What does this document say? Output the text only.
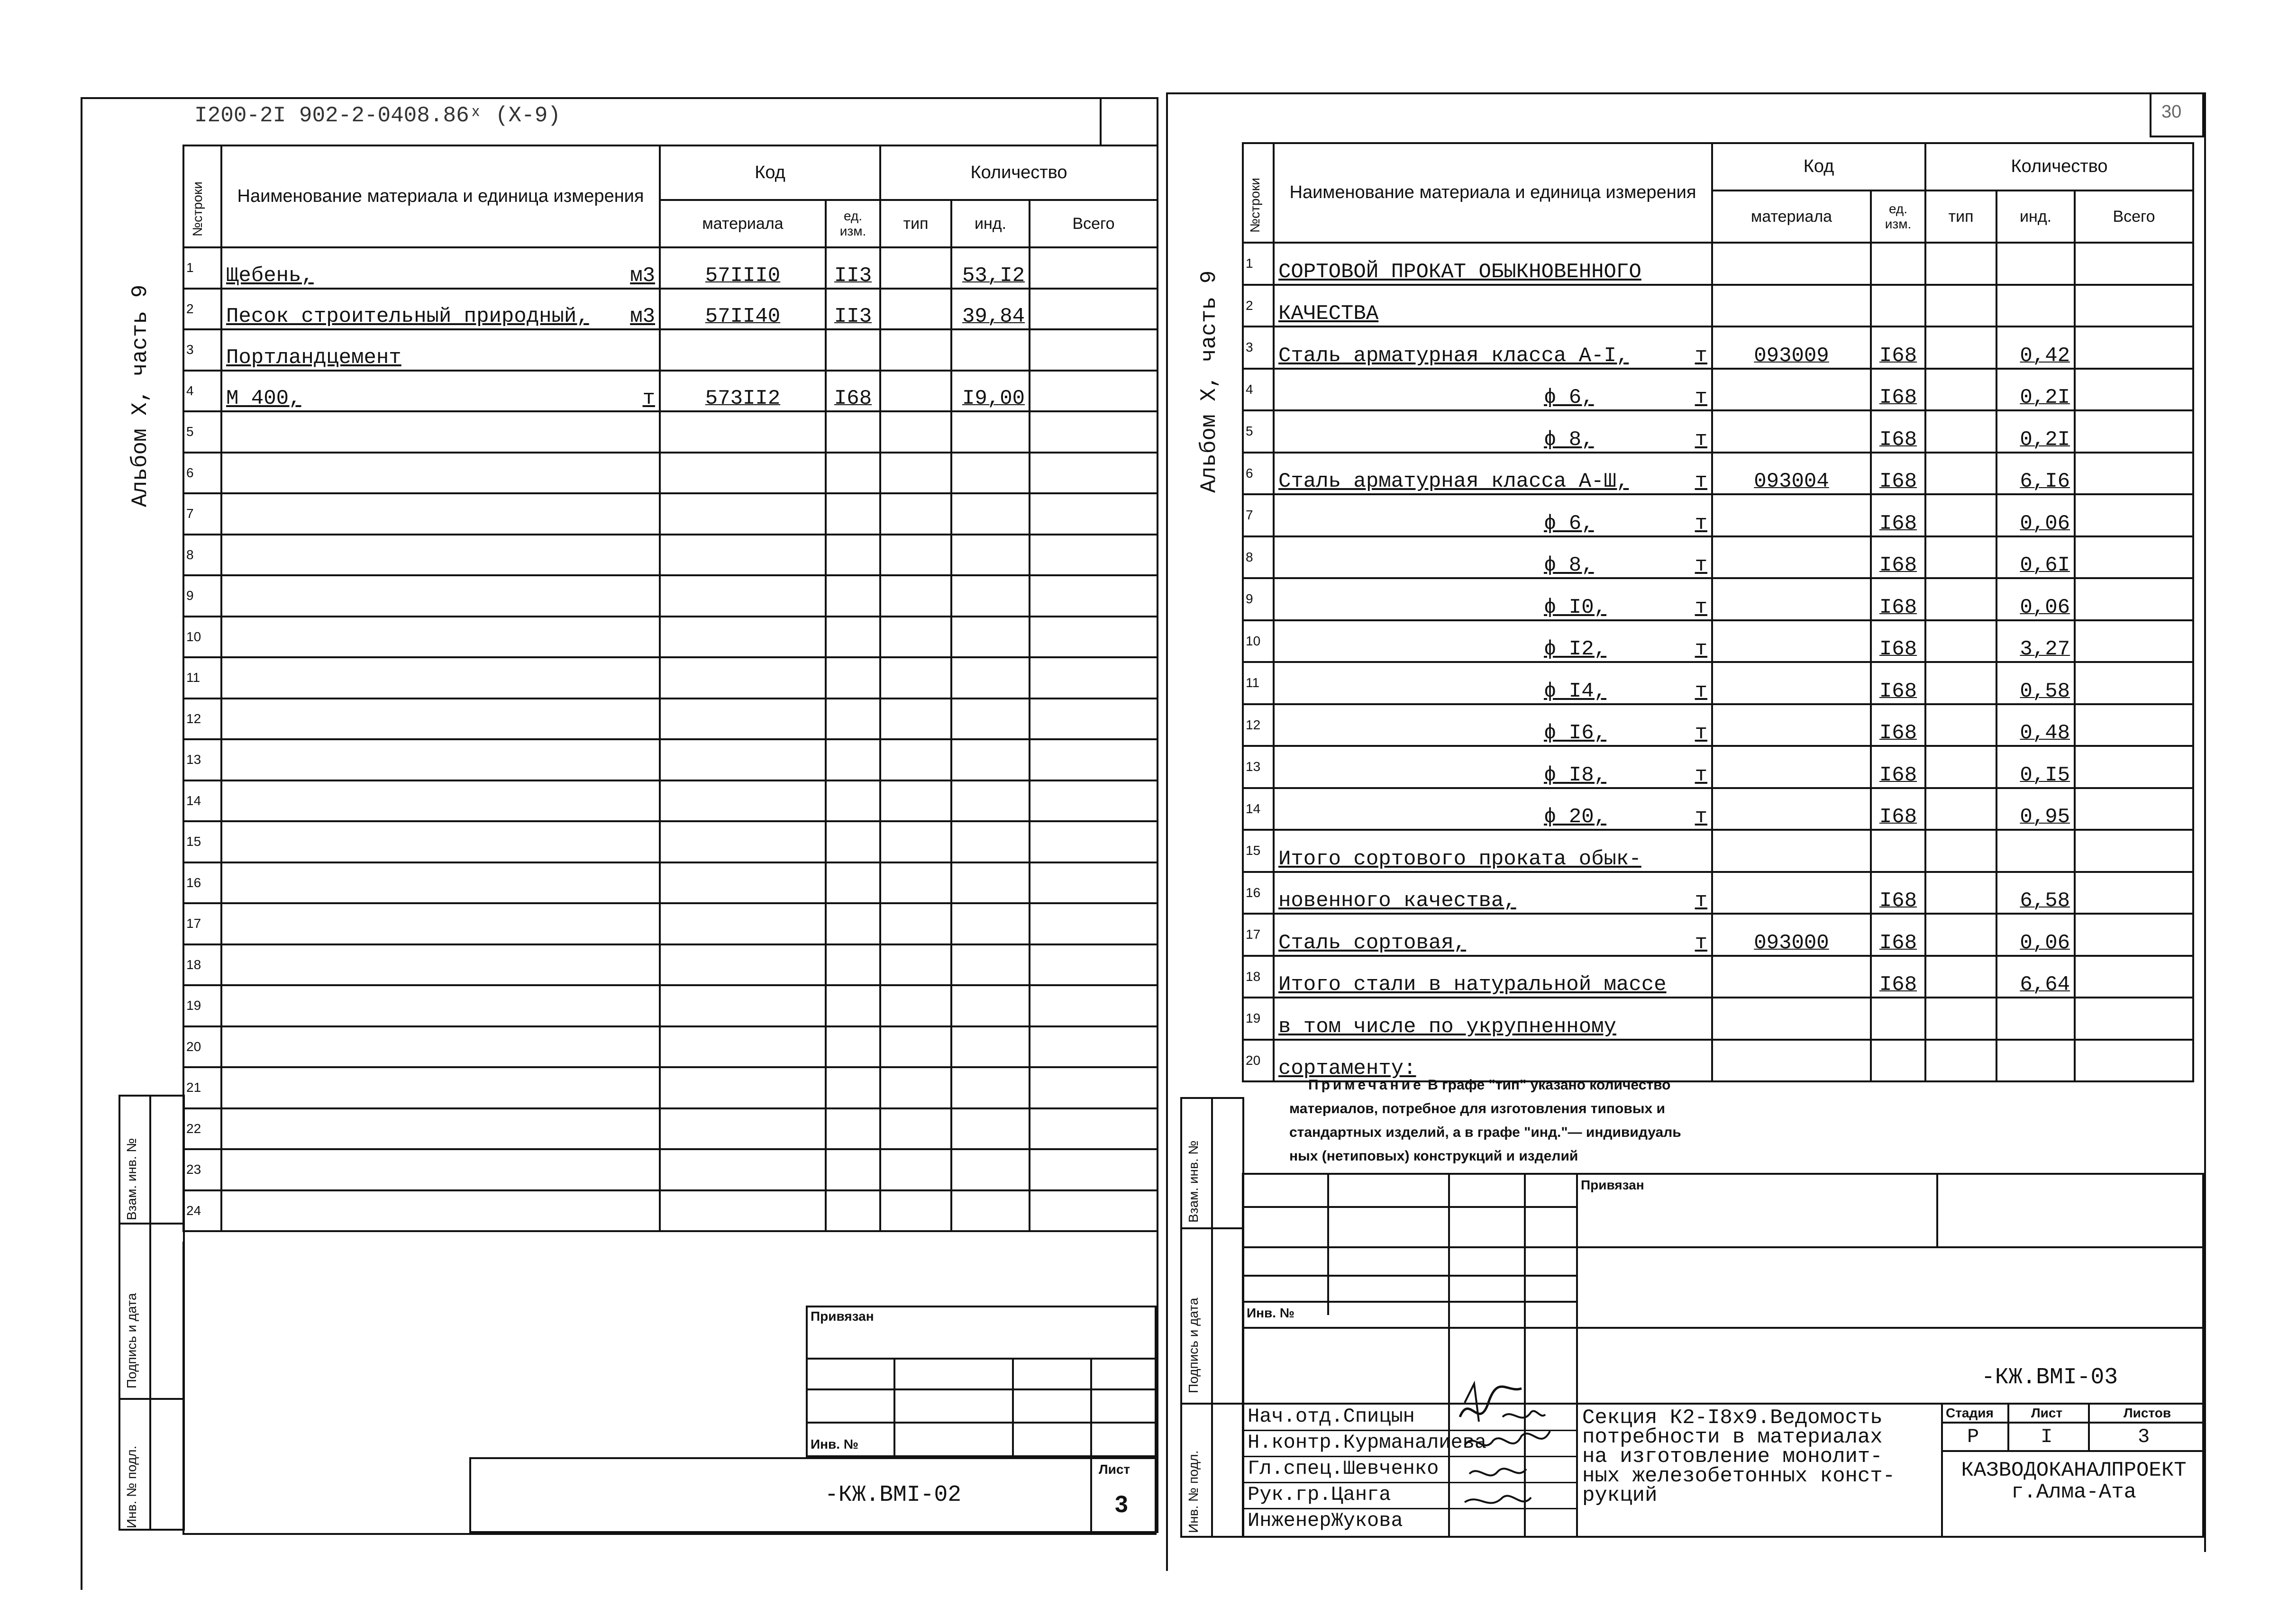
I200-2I 902-2-0408.86ˣ (X-9)
Альбом X, часть 9
Взам. инв. №
Подпись и дата
Инв. № подл.
№строки	Наименование материала и единица измерения	Код		Количество		
		материала	ед. изм.	тип	инд.	Всего
1	Щебень, м3	57III0	II3		53,I2	
2	Песок строительный природный, м3	57II40	II3		39,84	
3	Портландцемент					

4	М 400, т	573II2	I68		I9,00	
5	

6	

7	

8	

9	

10	

11	

12	

13	

14	

15	

16	

17	

18	

19	

20	

21	

22	

23	

24	

Привязан
Инв. №
-КЖ.ВМI-02
Лист
3
30
Альбом X, часть 9
Взам. инв. №
Подпись и дата
Инв. № подл.
№строки	Наименование материала и единица измерения	Код		Количество		
		материала	ед. изм.	тип	инд.	Всего
1	СОРТОВОЙ ПРОКАТ ОБЫКНОВЕННОГО					

2	КАЧЕСТВА					

3	Сталь арматурная класса А-I, т	093009	I68		0,42	
4	ϕ 6, т		I68		0,2I	
5	ϕ 8, т		I68		0,2I	
6	Сталь арматурная класса А-Ш, т	093004	I68		6,I6	
7	ϕ 6, т		I68		0,06	
8	ϕ 8, т		I68		0,6I	
9	ϕ I0, т		I68		0,06	
10	ϕ I2, т		I68		3,27	
11	ϕ I4, т		I68		0,58	
12	ϕ I6, т		I68		0,48	
13	ϕ I8, т		I68		0,I5	
14	ϕ 20, т		I68		0,95	
15	Итого сортового проката обык-					

16	новенного качества, т		I68		6,58	
17	Сталь сортовая, т	093000	I68		0,06	
18	Итого стали в натуральной массе		I68		6,64	
19	в том числе по укрупненному					

20	сортаменту:					

Примечание В графе "тип" указано количество
материалов, потребное для изготовления типовых и
стандартных изделий, а в графе "инд."— индивидуаль
ных (нетиповых) конструкций и изделий
Привязан
Инв. №
-КЖ.ВМI-03
Нач.отд.Спицын
Н.контр.Курманалиева
Гл.спец.Шевченко
Рук.гр.Цанга
ИнженерЖукова
Секция К2-I8х9.Ведомость
потребности в материалах
на изготовление монолит-
ных железобетонных конст-
рукций
Стадия	Лист	Листов
Р	I	3
КАЗВОДОКАНАЛПРОЕКТ
г.Алма-Ата
